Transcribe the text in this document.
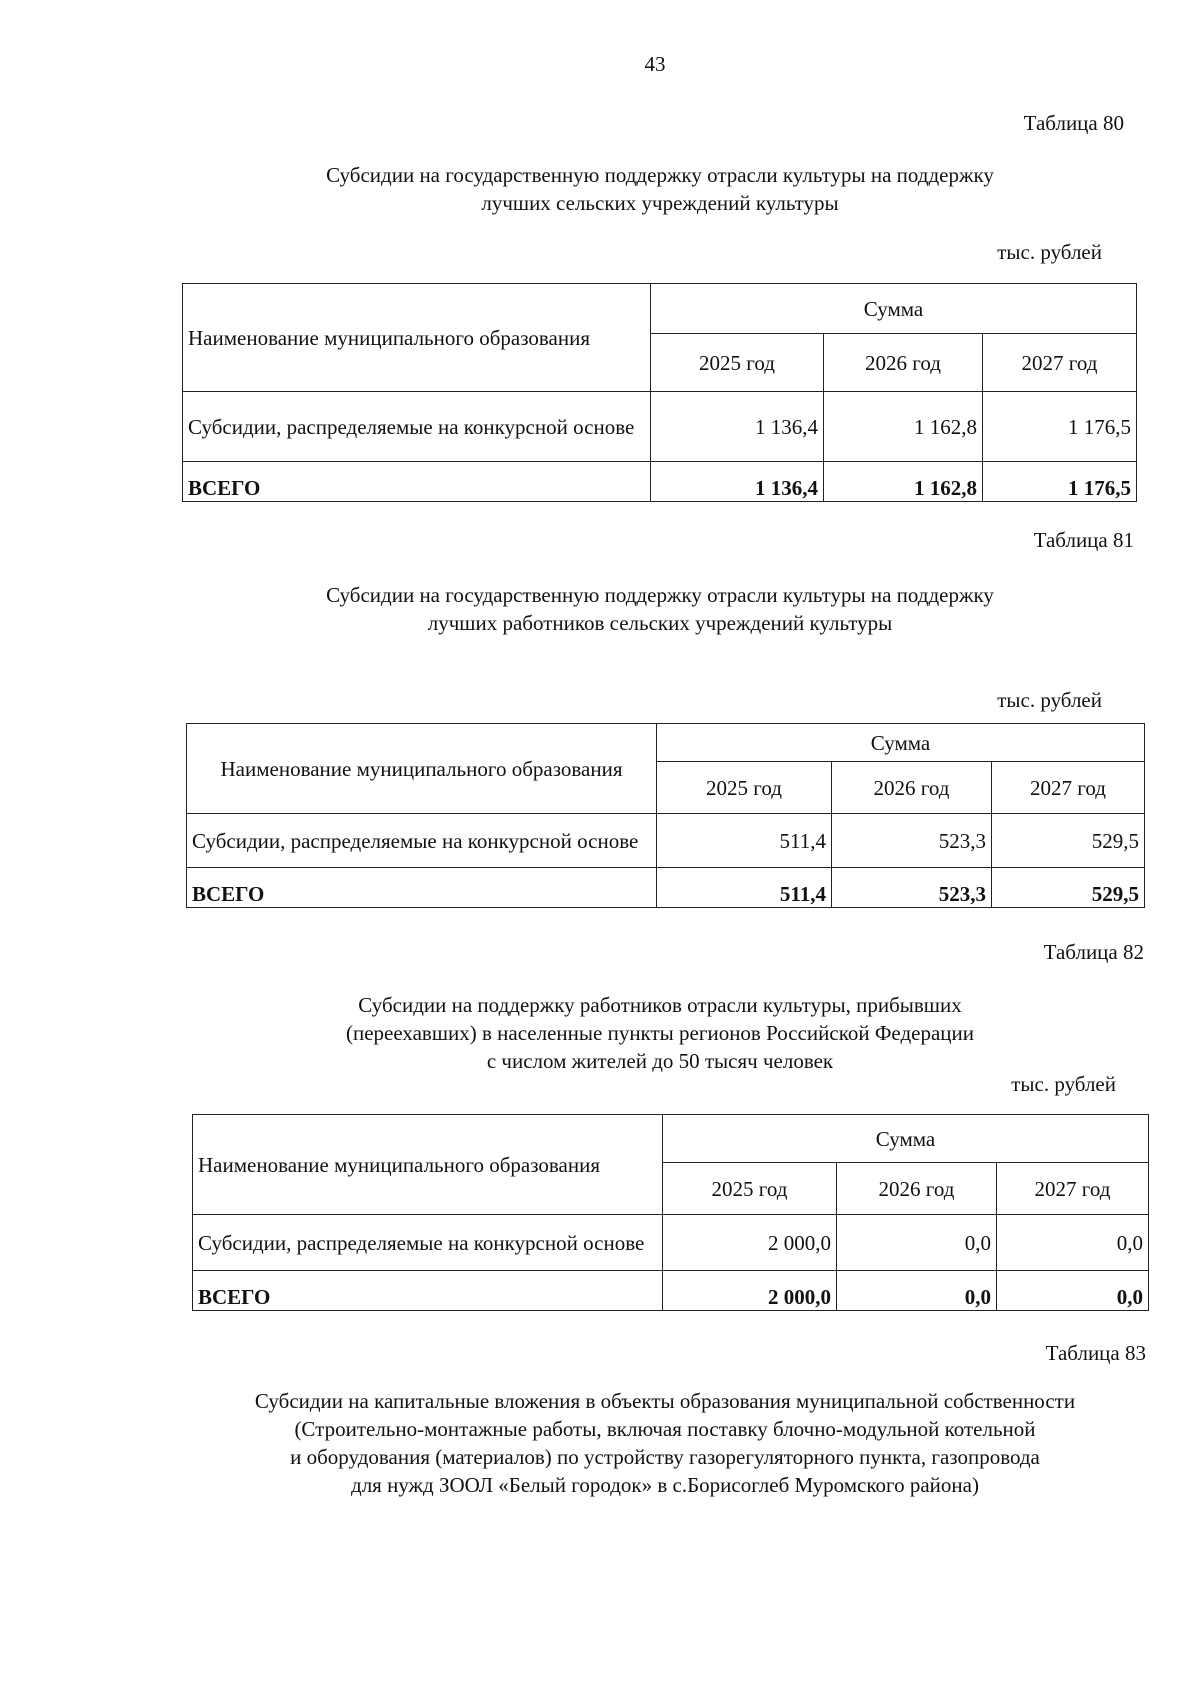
43
Таблица 80
Субсидии на государственную поддержку отрасли культуры на поддержку
лучших сельских учреждений культуры
тыс. рублей
Наименование муниципального образования	Сумма		
	2025 год	2026 год	2027 год
Субсидии, распределяемые на конкурсной основе	1 136,4	1 162,8	1 176,5
ВСЕГО	1 136,4	1 162,8	1 176,5
Таблица 81
Субсидии на государственную поддержку отрасли культуры на поддержку
лучших работников сельских учреждений культуры
тыс. рублей
Наименование муниципального образования	Сумма		
	2025 год	2026 год	2027 год
Субсидии, распределяемые на конкурсной основе	511,4	523,3	529,5
ВСЕГО	511,4	523,3	529,5
Таблица 82
Субсидии на поддержку работников отрасли культуры, прибывших
(переехавших) в населенные пункты регионов Российской Федерации
с числом жителей до 50 тысяч человек
тыс. рублей
Наименование муниципального образования	Сумма		
	2025 год	2026 год	2027 год
Субсидии, распределяемые на конкурсной основе	2 000,0	0,0	0,0
ВСЕГО	2 000,0	0,0	0,0
Таблица 83
Субсидии на капитальные вложения в объекты образования муниципальной собственности
(Строительно-монтажные работы, включая поставку блочно-модульной котельной
и оборудования (материалов) по устройству газорегуляторного пункта, газопровода
для нужд ЗООЛ «Белый городок» в с.Борисоглеб Муромского района)
